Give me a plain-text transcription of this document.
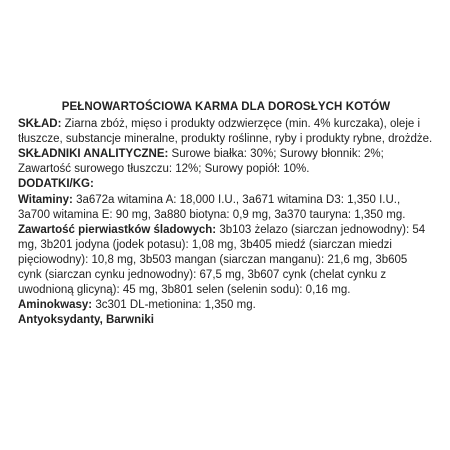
PEŁNOWARTOŚCIOWA KARMA DLA DOROSŁYCH KOTÓW

SKŁAD: Ziarna zbóż, mięso i produkty odzwierzęce (min. 4% kurczaka), oleje i tłuszcze, substancje mineralne, produkty roślinne, ryby i produkty rybne, drożdże.

SKŁADNIKI ANALITYCZNE: Surowe białka: 30%; Surowy błonnik: 2%; Zawartość surowego tłuszczu: 12%; Surowy popiół: 10%.

DODATKI/KG:

Witaminy: 3a672a witamina A: 18,000 I.U., 3a671 witamina D3: 1,350 I.U., 3a700 witamina E: 90 mg, 3a880 biotyna: 0,9 mg, 3a370 tauryna: 1,350 mg.

Zawartość pierwiastków śladowych: 3b103 żelazo (siarczan jednowodny): 54 mg, 3b201 jodyna (jodek potasu): 1,08 mg, 3b405 miedź (siarczan miedzi pięciowodny): 10,8 mg, 3b503 mangan (siarczan manganu): 21,6 mg, 3b605 cynk (siarczan cynku jednowodny): 67,5 mg, 3b607 cynk (chelat cynku z uwodnioną glicyną): 45 mg, 3b801 selen (selenin sodu): 0,16 mg.

Aminokwasy: 3c301 DL-metionina: 1,350 mg.

Antyoksydanty, Barwniki
